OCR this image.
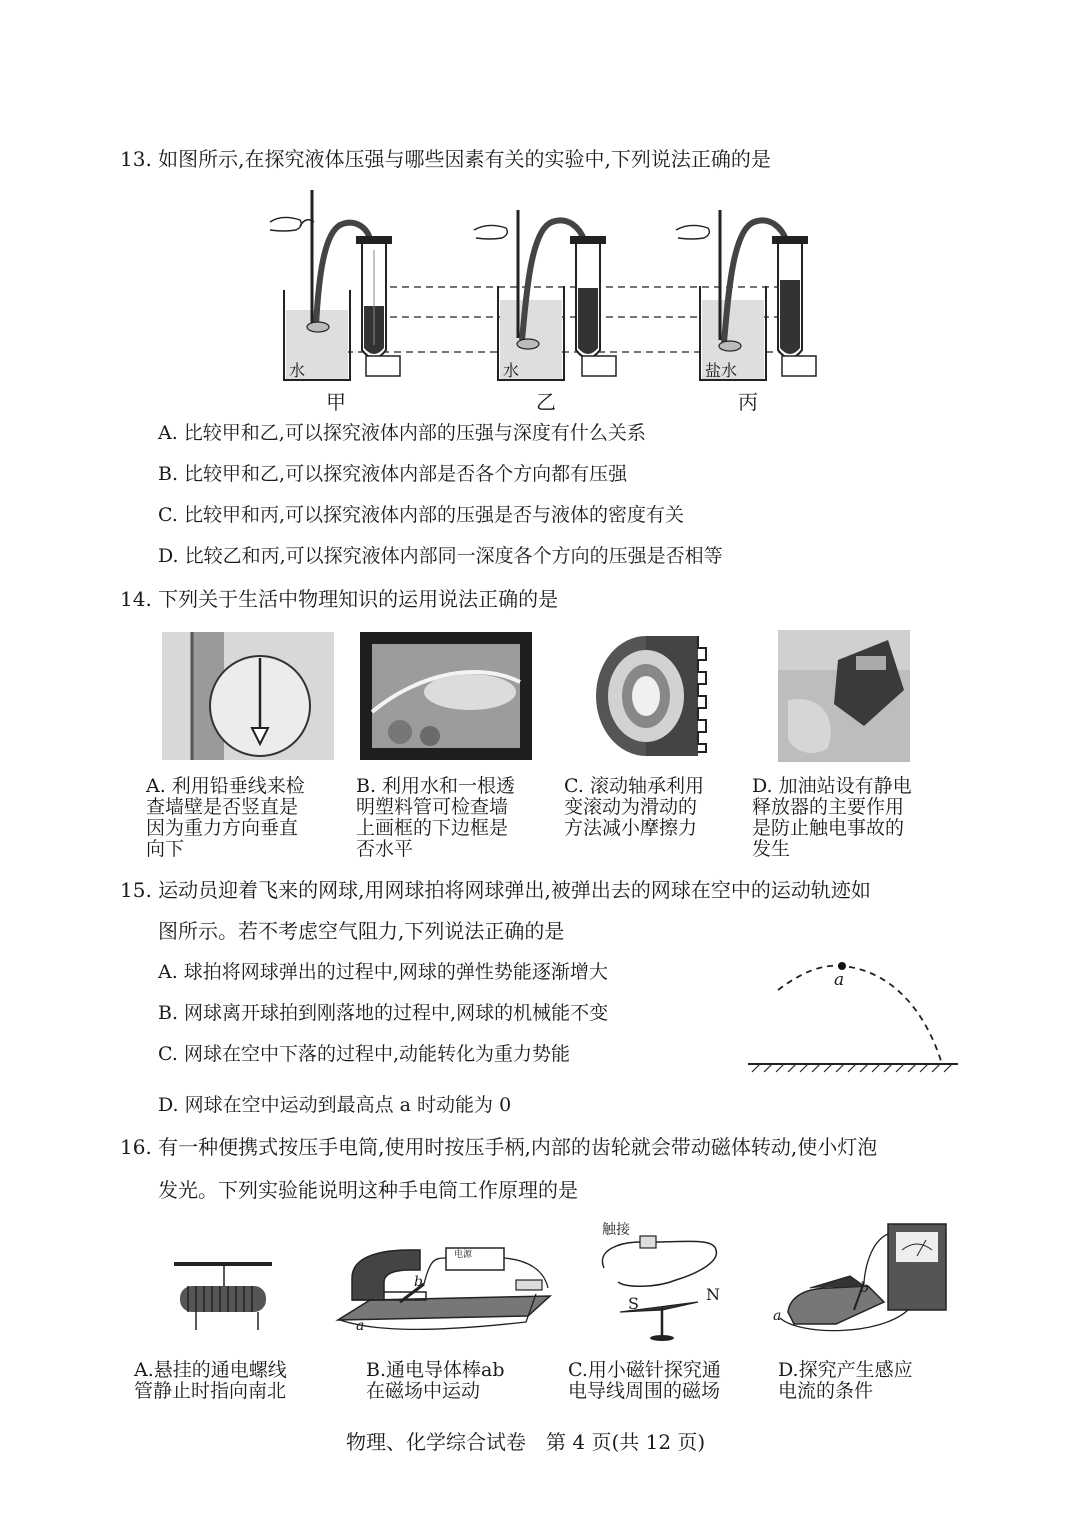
13. 如图所示,在探究液体压强与哪些因素有关的实验中,下列说法正确的是
水	水	盐水
甲	乙	丙
A. 比较甲和乙,可以探究液体内部的压强与深度有什么关系
B. 比较甲和乙,可以探究液体内部是否各个方向都有压强
C. 比较甲和丙,可以探究液体内部的压强是否与液体的密度有关
D. 比较乙和丙,可以探究液体内部同一深度各个方向的压强是否相等
14. 下列关于生活中物理知识的运用说法正确的是
A. 利用铅垂线来检
查墙壁是否竖直是
因为重力方向垂直
向下
B. 利用水和一根透
明塑料管可检查墙
上画框的下边框是
否水平
C. 滚动轴承利用
变滚动为滑动的
方法减小摩擦力
D. 加油站设有静电
释放器的主要作用
是防止触电事故的
发生
15. 运动员迎着飞来的网球,用网球拍将网球弹出,被弹出去的网球在空中的运动轨迹如
图所示。若不考虑空气阻力,下列说法正确的是
A. 球拍将网球弹出的过程中,网球的弹性势能逐渐增大
B. 网球离开球拍到刚落地的过程中,网球的机械能不变
C. 网球在空中下落的过程中,动能转化为重力势能
D. 网球在空中运动到最高点 a 时动能为 0
a
16. 有一种便携式按压手电筒,使用时按压手柄,内部的齿轮就会带动磁体转动,使小灯泡
发光。下列实验能说明这种手电筒工作原理的是
电源
b
a
触接
S	N
a
b
A.悬挂的通电螺线
管静止时指向南北
B.通电导体棒ab
在磁场中运动
C.用小磁针探究通
电导线周围的磁场
D.探究产生感应
电流的条件
物理、化学综合试卷　第 4 页(共 12 页)
